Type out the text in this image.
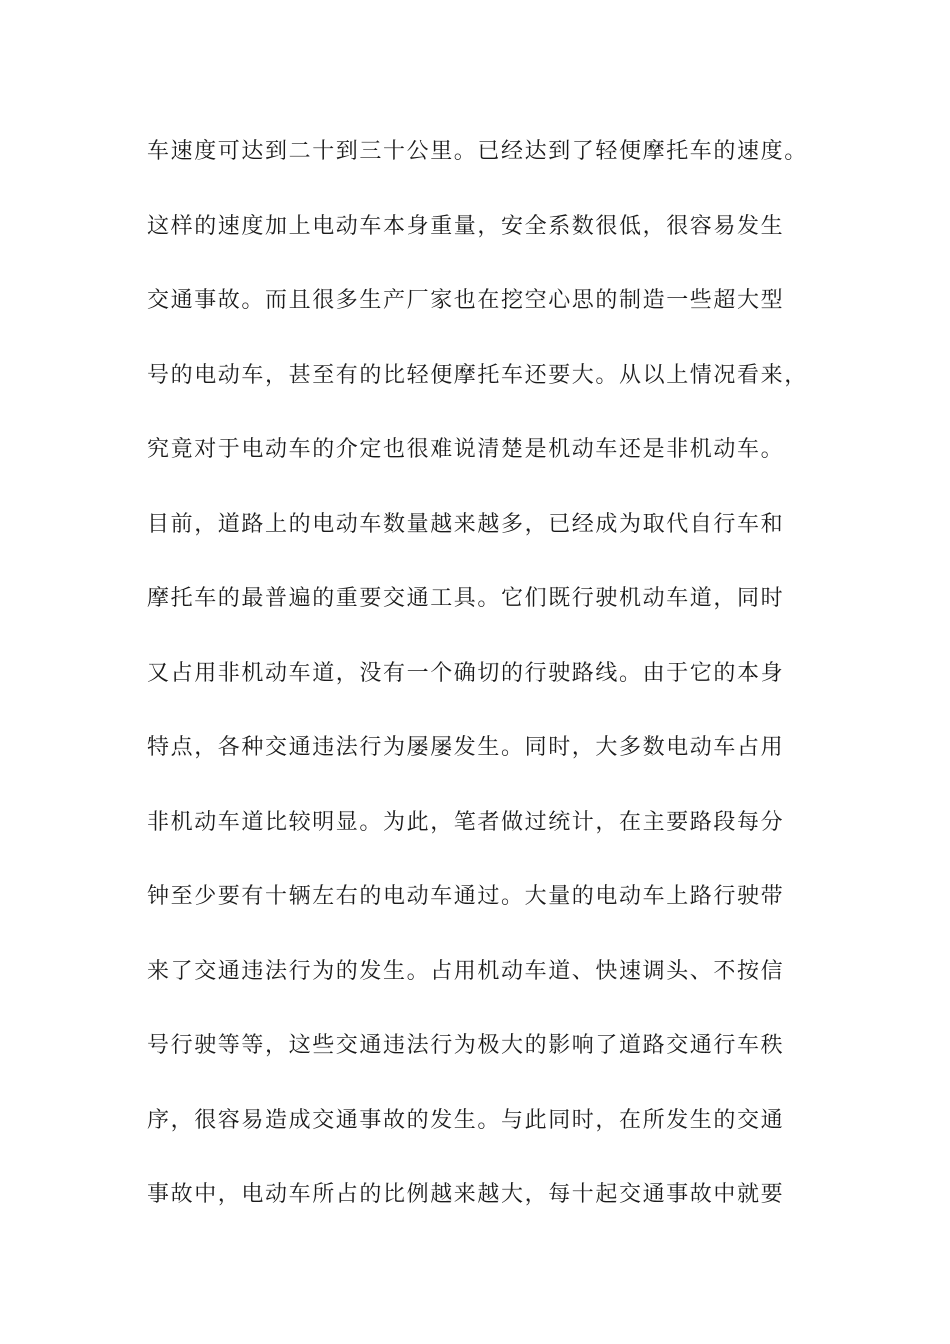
车速度可达到二十到三十公里。已经达到了轻便摩托车的速度。
这样的速度加上电动车本身重量，安全系数很低，很容易发生
交通事故。而且很多生产厂家也在挖空心思的制造一些超大型
号的电动车，甚至有的比轻便摩托车还要大。从以上情况看来，
究竟对于电动车的介定也很难说清楚是机动车还是非机动车。
目前，道路上的电动车数量越来越多，已经成为取代自行车和
摩托车的最普遍的重要交通工具。它们既行驶机动车道，同时
又占用非机动车道，没有一个确切的行驶路线。由于它的本身
特点，各种交通违法行为屡屡发生。同时，大多数电动车占用
非机动车道比较明显。为此，笔者做过统计，在主要路段每分
钟至少要有十辆左右的电动车通过。大量的电动车上路行驶带
来了交通违法行为的发生。占用机动车道、快速调头、不按信
号行驶等等，这些交通违法行为极大的影响了道路交通行车秩
序，很容易造成交通事故的发生。与此同时，在所发生的交通
事故中，电动车所占的比例越来越大，每十起交通事故中就要
